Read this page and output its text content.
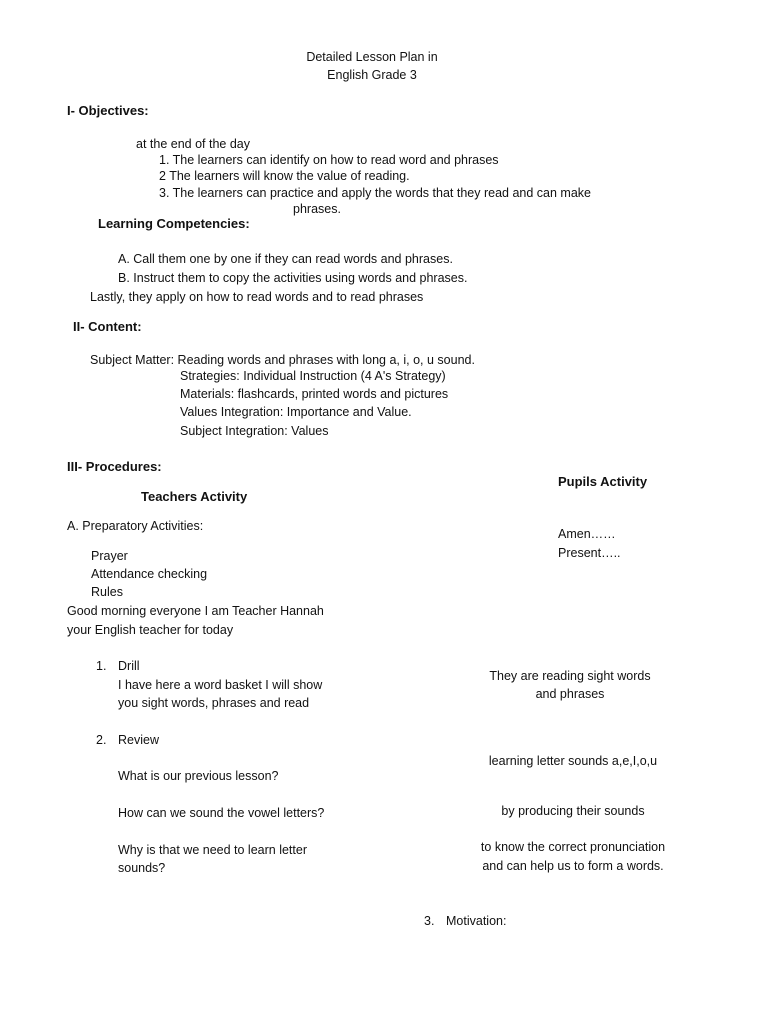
Detailed Lesson Plan in
English Grade 3
I- Objectives:
at the end of the day
1. The learners can identify on how to read word and phrases
2 The learners will know the value of reading.
3. The learners can practice and apply the words that they read and can make
phrases.
Learning Competencies:
A. Call them one by one if they can read words and phrases.
B. Instruct them to copy the activities using words and phrases.
Lastly, they apply on how to read words and to read phrases
II- Content:
Subject Matter: Reading words and phrases with long a, i, o, u sound.
Strategies: Individual Instruction (4 A's Strategy)
Materials: flashcards, printed words and pictures
Values Integration: Importance and Value.
Subject Integration: Values
III- Procedures:
Pupils Activity
Teachers Activity
A. Preparatory Activities:
Amen……
Present…..
Prayer
Attendance checking
Rules
Good morning everyone I am Teacher Hannah
your English teacher for today
1. Drill
They are reading sight words
I have here a word basket I will show
and phrases
you sight words, phrases and read
2. Review
learning letter sounds a,e,I,o,u
What is our previous lesson?
by producing their sounds
How can we sound the vowel letters?
to know the correct pronunciation
Why is that we need to learn letter
and can help us to form a words.
sounds?
3. Motivation:
